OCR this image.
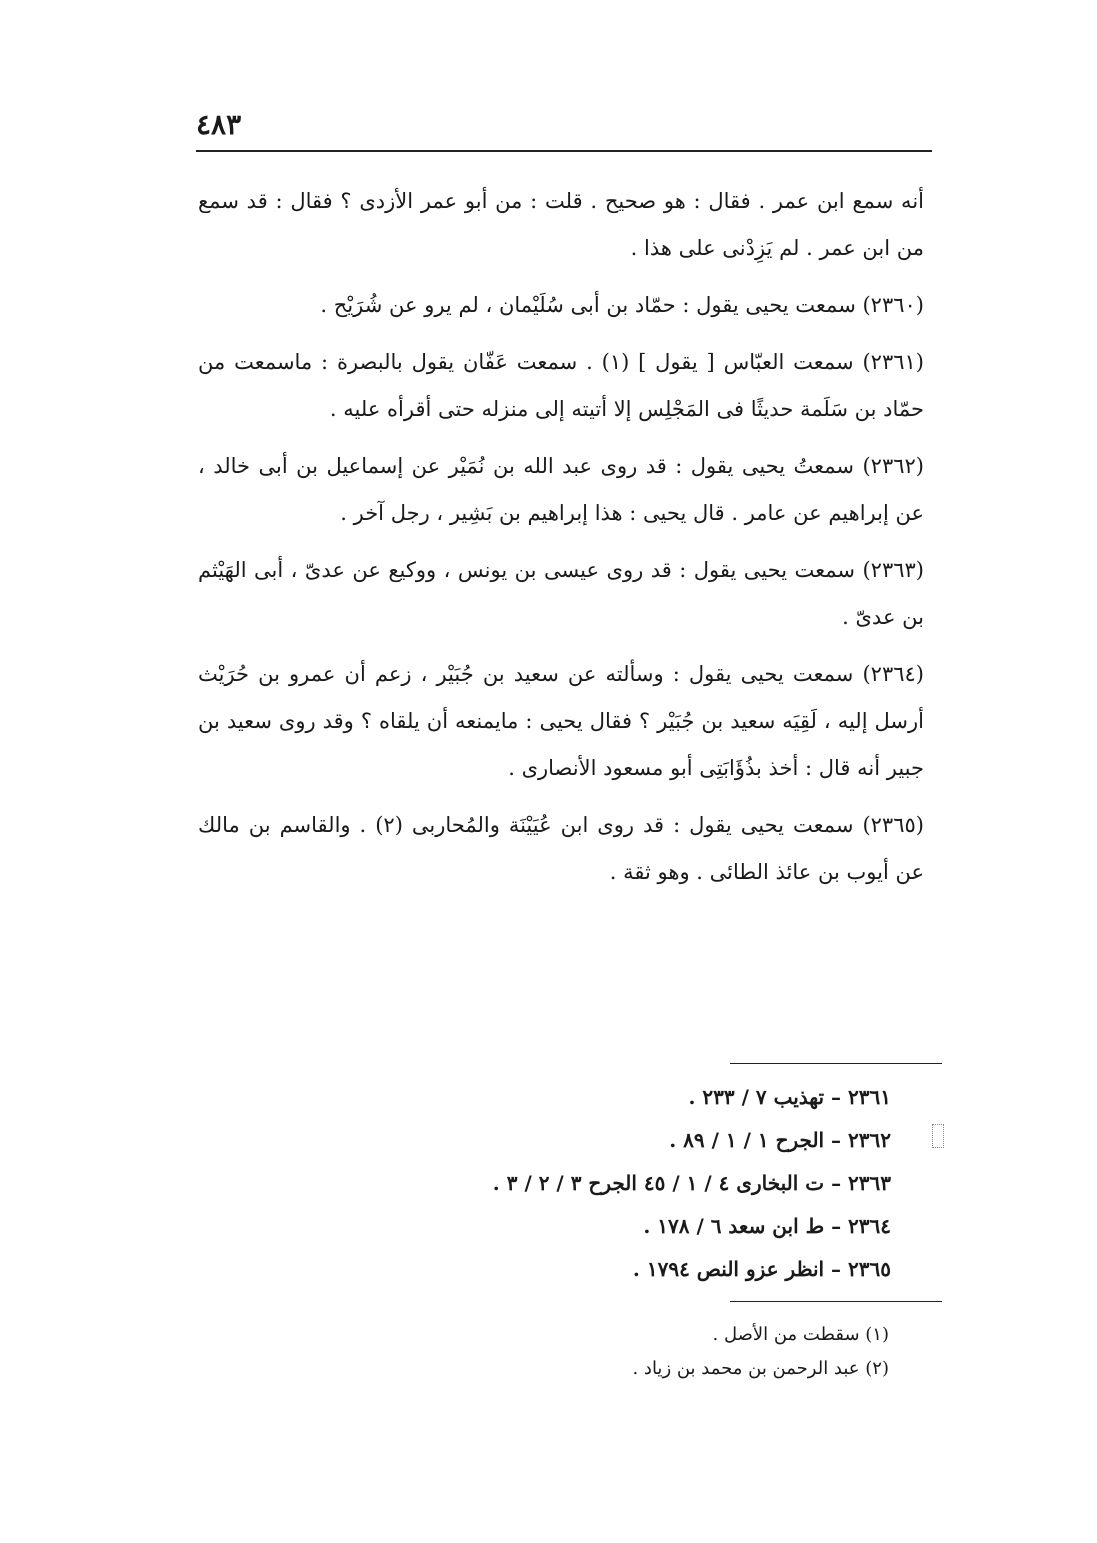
٤٨٣

أنه سمع ابن عمر . فقال : هو صحيح . قلت : من أبو عمر الأزدى ؟ فقال : قد سمع من ابن عمر . لم يَزِدْنى على هذا .

(٢٣٦٠) سمعت يحيى يقول : حمّاد بن أبى سُلَيْمان ، لم يرو عن شُرَيْح .

(٢٣٦١) سمعت العبّاس [ يقول ] (١) . سمعت عَفّان يقول بالبصرة : ماسمعت من حمّاد بن سَلَمة حديثًا فى المَجْلِس إلا أتيته إلى منزله حتى أقرأه عليه .

(٢٣٦٢) سمعتُ يحيى يقول : قد روى عبد الله بن نُمَيْر عن إسماعيل بن أبى خالد ، عن إبراهيم عن عامر . قال يحيى : هذا إبراهيم بن بَشِير ، رجل آخر .

(٢٣٦٣) سمعت يحيى يقول : قد روى عيسى بن يونس ، ووكيع عن عدىّ ، أبى الهَيْثم بن عدىّ .

(٢٣٦٤) سمعت يحيى يقول : وسألته عن سعيد بن جُبَيْر ، زعم أن عمرو بن حُرَيْث أرسل إليه ، لَقِيَه سعيد بن جُبَيْر ؟ فقال يحيى : مايمنعه أن يلقاه ؟ وقد روى سعيد بن جبير أنه قال : أخذ بذُؤَابَتِى أبو مسعود الأنصارى .

(٢٣٦٥) سمعت يحيى يقول : قد روى ابن عُيَيْنَة والمُحاربى (٢) . والقاسم بن مالك عن أيوب بن عائذ الطائى . وهو ثقة .

٢٣٦١ – تهذيب ٧ / ٢٣٣ .
٢٣٦٢ – الجرح ١ / ١ / ٨٩ .
٢٣٦٣ – ت البخارى ٤ / ١ / ٤٥ الجرح ٣ / ٢ / ٣ .
٢٣٦٤ – ط ابن سعد ٦ / ١٧٨ .
٢٣٦٥ – انظر عزو النص ١٧٩٤ .
(١) سقطت من الأصل .
(٢) عبد الرحمن بن محمد بن زياد .
